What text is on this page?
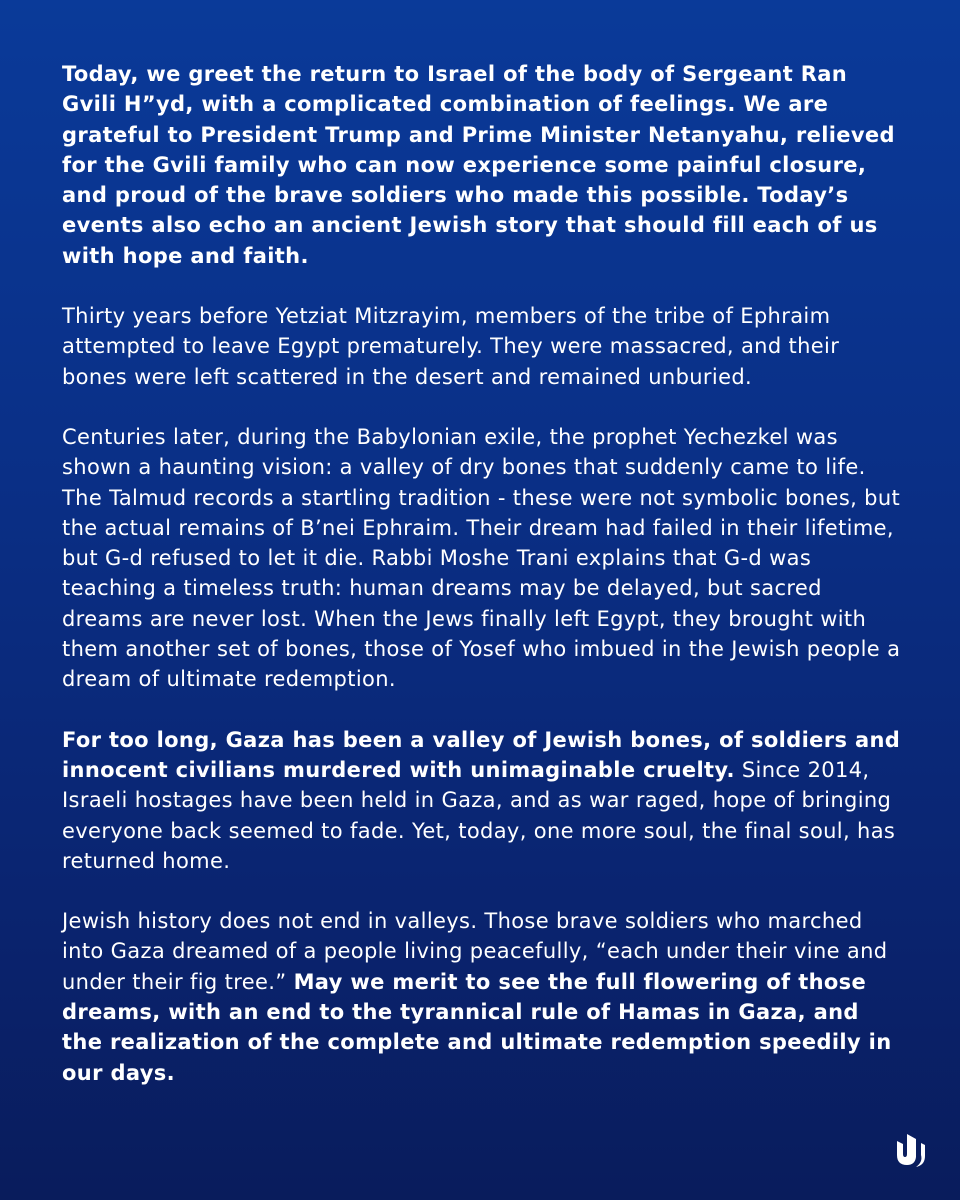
Today, we greet the return to Israel of the body of Sergeant Ran Gvili H”yd, with a complicated combination of feelings. We are grateful to President Trump and Prime Minister Netanyahu, relieved for the Gvili family who can now experience some painful closure, and proud of the brave soldiers who made this possible. Today’s events also echo an ancient Jewish story that should fill each of us with hope and faith.

Thirty years before Yetziat Mitzrayim, members of the tribe of Ephraim attempted to leave Egypt prematurely. They were massacred, and their bones were left scattered in the desert and remained unburied.

Centuries later, during the Babylonian exile, the prophet Yechezkel was shown a haunting vision: a valley of dry bones that suddenly came to life. The Talmud records a startling tradition - these were not symbolic bones, but the actual remains of B’nei Ephraim. Their dream had failed in their lifetime, but G-d refused to let it die. Rabbi Moshe Trani explains that G-d was teaching a timeless truth: human dreams may be delayed, but sacred dreams are never lost. When the Jews finally left Egypt, they brought with them another set of bones, those of Yosef who imbued in the Jewish people a dream of ultimate redemption.

For too long, Gaza has been a valley of Jewish bones, of soldiers and innocent civilians murdered with unimaginable cruelty. Since 2014, Israeli hostages have been held in Gaza, and as war raged, hope of bringing everyone back seemed to fade. Yet, today, one more soul, the final soul, has returned home.

Jewish history does not end in valleys. Those brave soldiers who marched into Gaza dreamed of a people living peacefully, “each under their vine and under their fig tree.” May we merit to see the full flowering of those dreams, with an end to the tyrannical rule of Hamas in Gaza, and the realization of the complete and ultimate redemption speedily in our days.
